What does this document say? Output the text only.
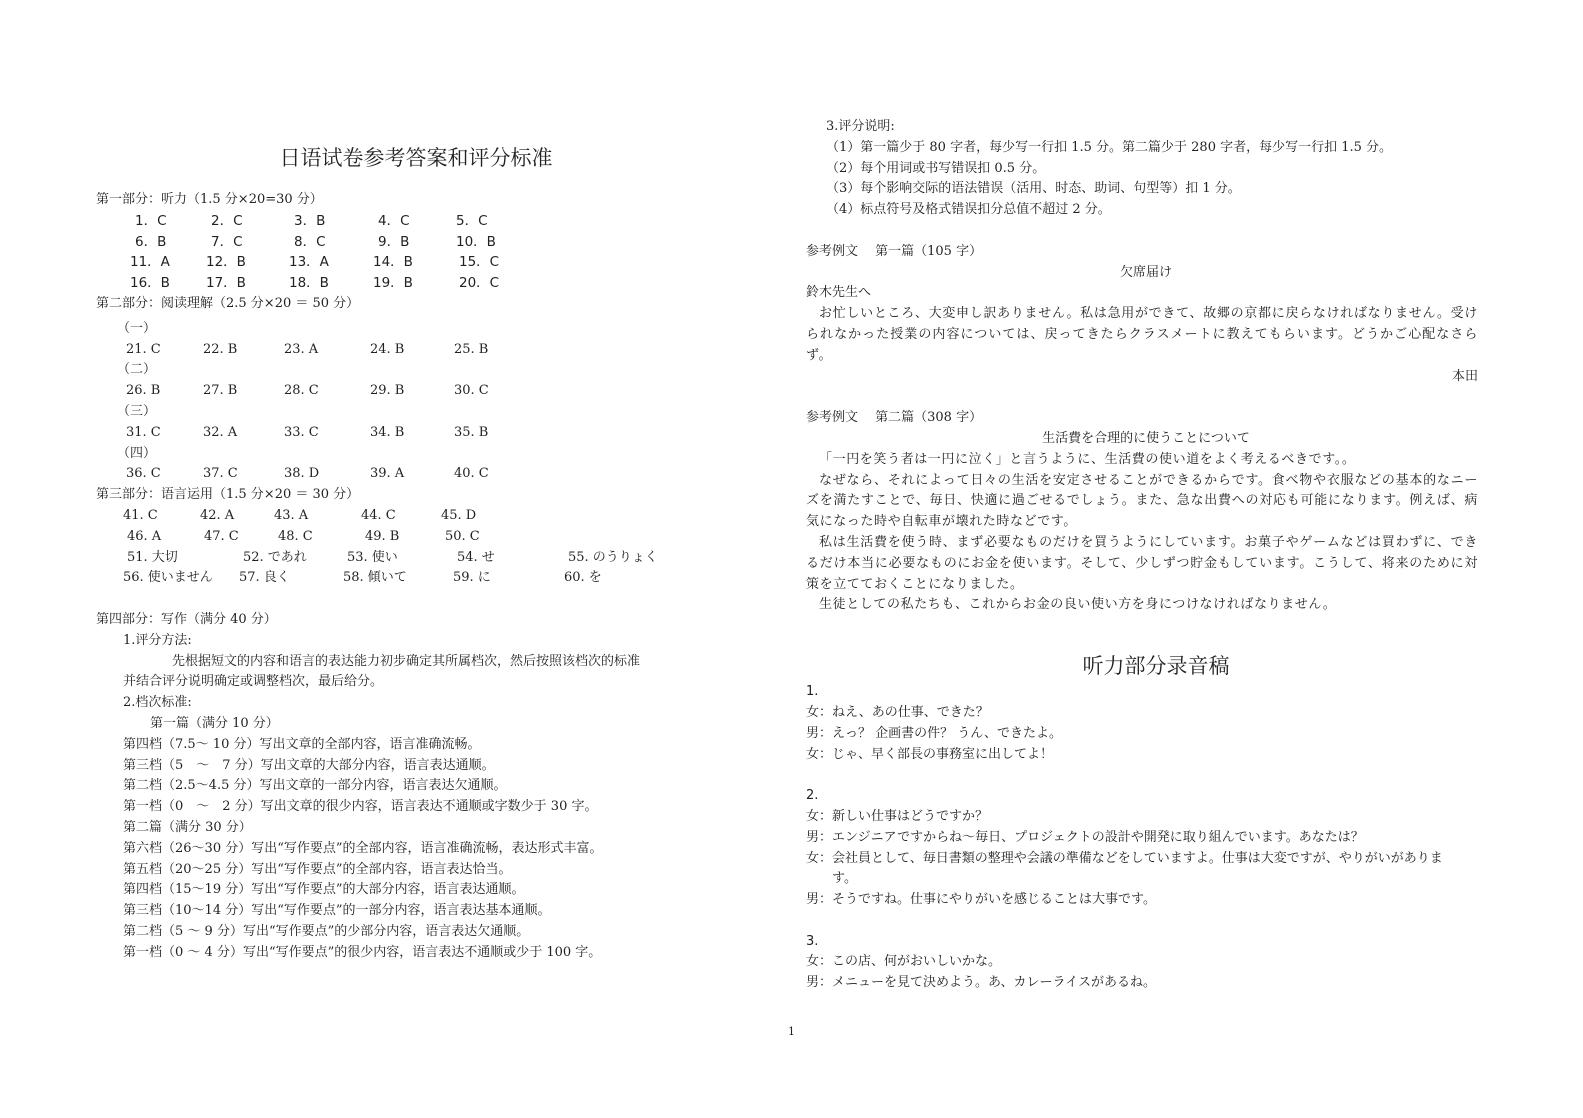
日语试卷参考答案和评分标准
第一部分：听力（1.5 分×20=30 分）
1．C	2．C	3．B	4．C	5．C
6．B	7．C	8．C	9．B	10．B
11．A	12．B	13．A	14．B	15．C
16．B	17．B	18．B	19．B	20．C
第二部分：阅读理解（2.5 分×20 ＝ 50 分）
（一）
21. C	22. B	23. A	24. B	25. B
（二）
26. B	27. B	28. C	29. B	30. C
（三）
31. C	32. A	33. C	34. B	35. B
（四）
36. C	37. C	38. D	39. A	40. C
第三部分：语言运用（1.5 分×20 ＝ 30 分）
41. C	42. A	43. A	44. C	45. D
46. A	47. C	48. C	49. B	50. C
51. 大切	52. であれ	53. 使い	54. せ	55. のうりょく
56. 使いません	57. 良く	58. 傾いて	59. に	60. を
第四部分：写作（满分 40 分）
1.评分方法:
先根据短文的内容和语言的表达能力初步确定其所属档次，然后按照该档次的标准
并结合评分说明确定或调整档次，最后给分。
2.档次标准:
第一篇（满分 10 分）
第四档（7.5～ 10 分）写出文章的全部内容，语言准确流畅。
第三档（5　～　7 分）写出文章的大部分内容，语言表达通顺。
第二档（2.5～4.5 分）写出文章的一部分内容，语言表达欠通顺。
第一档（0　～　2 分）写出文章的很少内容，语言表达不通顺或字数少于 30 字。
第二篇（满分 30 分）
第六档（26～30 分）写出“写作要点”的全部内容，语言准确流畅，表达形式丰富。
第五档（20～25 分）写出“写作要点”的全部内容，语言表达恰当。
第四档（15～19 分）写出“写作要点”的大部分内容，语言表达通顺。
第三档（10～14 分）写出“写作要点”的一部分内容，语言表达基本通顺。
第二档（5 ～ 9 分）写出“写作要点”的少部分内容，语言表达欠通顺。
第一档（0 ～ 4 分）写出“写作要点”的很少内容，语言表达不通顺或少于 100 字。
3.评分说明:
（1）第一篇少于 80 字者，每少写一行扣 1.5 分。第二篇少于 280 字者，每少写一行扣 1.5 分。
（2）每个用词或书写错误扣 0.5 分。
（3）每个影响交际的语法错误（活用、时态、助词、句型等）扣 1 分。
（4）标点符号及格式错误扣分总值不超过 2 分。
参考例文　 第一篇（105 字）
欠席届け
鈴木先生へ
お忙しいところ、大変申し訳ありません。私は急用ができて、故郷の京都に戻らなければなりません。受けられなかった授業の内容については、戻ってきたらクラスメートに教えてもらいます。どうかご心配なさらず。
本田
参考例文　 第二篇（308 字）
生活費を合理的に使うことについて
「一円を笑う者は一円に泣く」と言うように、生活費の使い道をよく考えるべきです。。
なぜなら、それによって日々の生活を安定させることができるからです。食べ物や衣服などの基本的なニーズを満たすことで、毎日、快適に過ごせるでしょう。また、急な出費への対応も可能になります。例えば、病気になった時や自転車が壊れた時などです。
私は生活費を使う時、まず必要なものだけを買うようにしています。お菓子やゲームなどは買わずに、できるだけ本当に必要なものにお金を使います。そして、少しずつ貯金もしています。こうして、将来のために対策を立てておくことになりました。
生徒としての私たちも、これからお金の良い使い方を身につけなければなりません。
听力部分录音稿
1.
女： ねえ、あの仕事、できた？
男： えっ？ 企画書の件？ うん、できたよ。
女： じゃ、早く部長の事務室に出してよ！
2.
女： 新しい仕事はどうですか？
男： エンジニアですからね～毎日、プロジェクトの設計や開発に取り組んでいます。あなたは？
女： 会社員として、毎日書類の整理や会議の準備などをしていますよ。仕事は大変ですが、やりがいがあります。
男： そうですね。仕事にやりがいを感じることは大事です。
3.
女： この店、何がおいしいかな。
男： メニューを見て決めよう。あ、カレーライスがあるね。
1
